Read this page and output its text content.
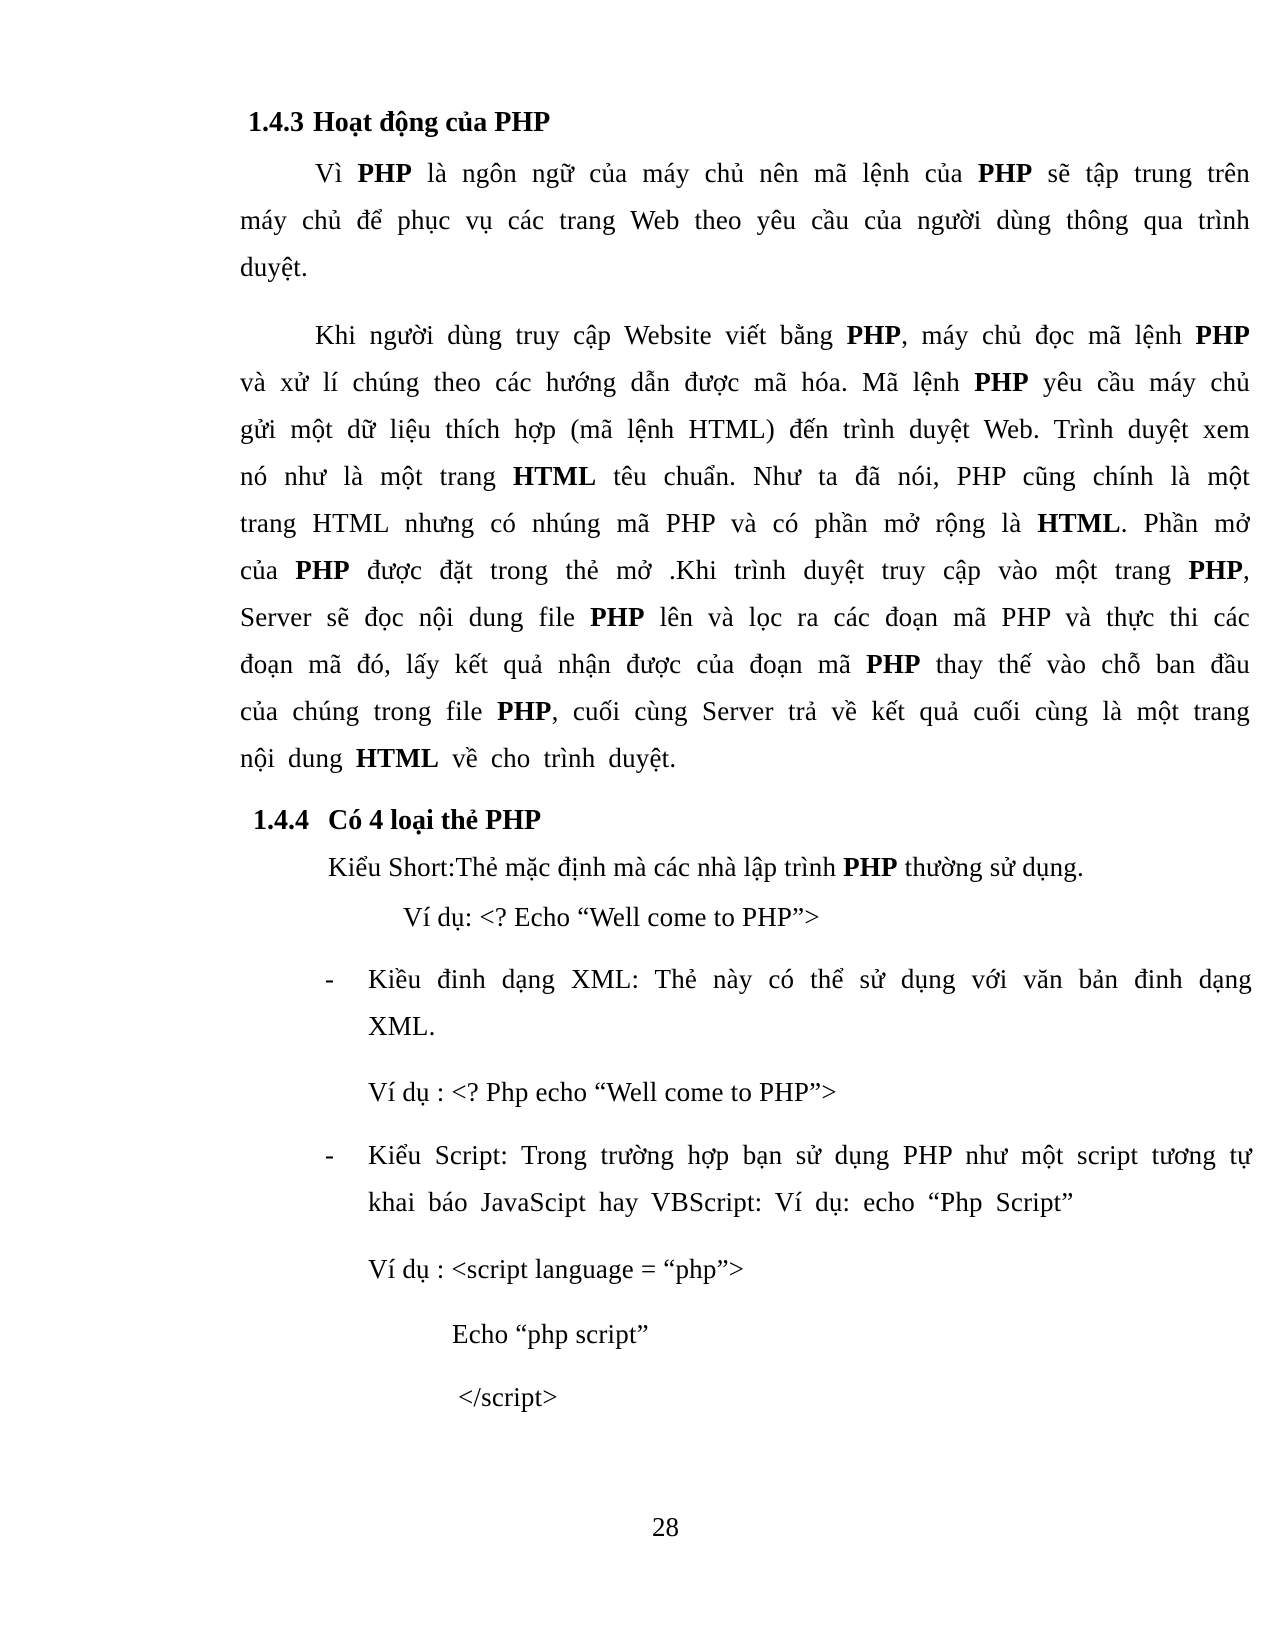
1.4.3 Hoạt động của PHP
Vì PHP là ngôn ngữ của máy chủ nên mã lệnh của PHP sẽ tập trung trên máy chủ để phục vụ các trang Web theo yêu cầu của người dùng thông qua trình duyệt.
Khi người dùng truy cập Website viết bằng PHP, máy chủ đọc mã lệnh PHP và xử lí chúng theo các hướng dẫn được mã hóa. Mã lệnh PHP yêu cầu máy chủ gửi một dữ liệu thích hợp (mã lệnh HTML) đến trình duyệt Web. Trình duyệt xem nó như là một trang HTML têu chuẩn. Như ta đã nói, PHP cũng chính là một trang HTML nhưng có nhúng mã PHP và có phần mở rộng là HTML. Phần mở của PHP được đặt trong thẻ mở .Khi trình duyệt truy cập vào một trang PHP, Server sẽ đọc nội dung file PHP lên và lọc ra các đoạn mã PHP và thực thi các đoạn mã đó, lấy kết quả nhận được của đoạn mã PHP thay thế vào chỗ ban đầu của chúng trong file PHP, cuối cùng Server trả về kết quả cuối cùng là một trang nội dung HTML về cho trình duyệt.
1.4.4 Có 4 loại thẻ PHP
Kiểu Short:Thẻ mặc định mà các nhà lập trình PHP thường sử dụng.
Ví dụ: <? Echo “Well come to PHP”>
- Kiều đinh dạng XML: Thẻ này có thể sử dụng với văn bản đinh dạng XML.
Ví dụ : <? Php echo “Well come to PHP”>
- Kiểu Script: Trong trường hợp bạn sử dụng PHP như một script tương tự khai báo JavaScipt hay VBScript: Ví dụ: echo “Php Script”
Ví dụ : <script language = “php”>
Echo “php script”
</script>
28
